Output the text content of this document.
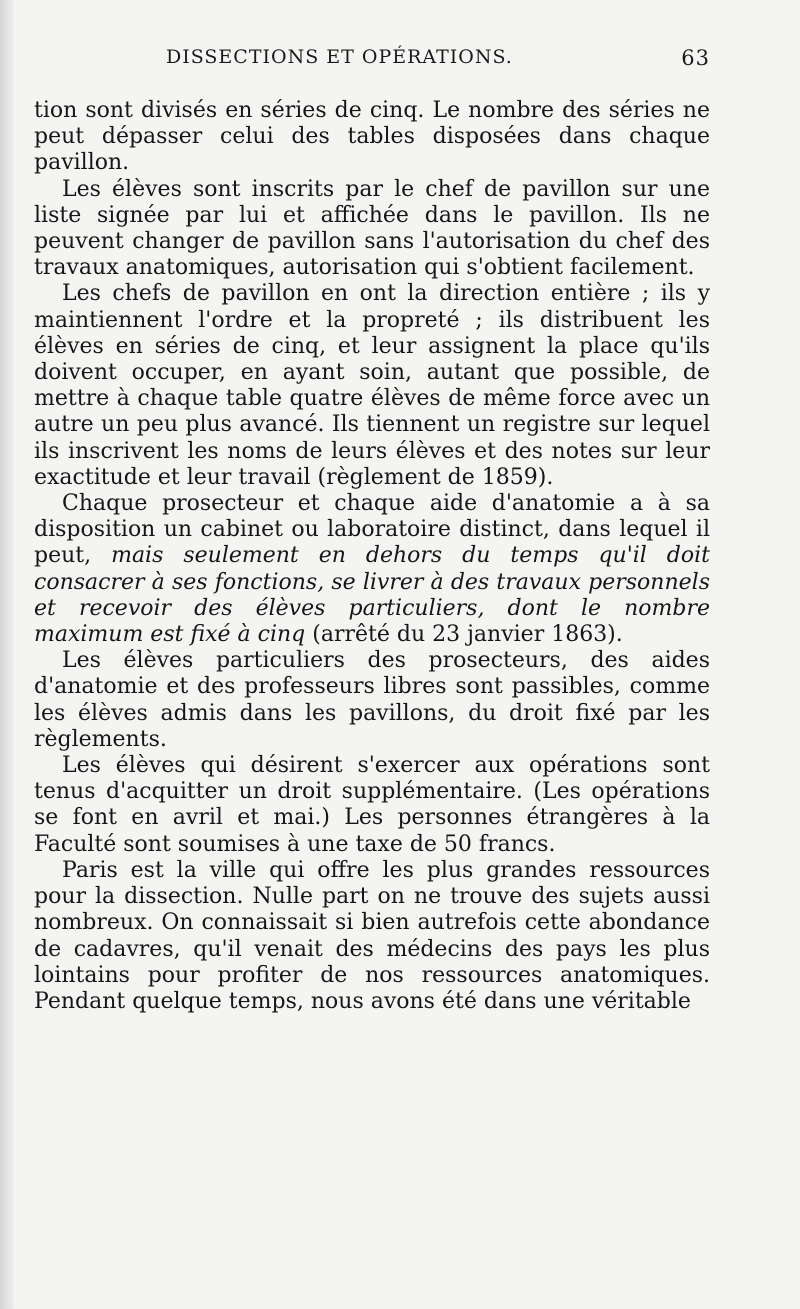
DISSECTIONS ET OPÉRATIONS.	63

tion sont divisés en séries de cinq. Le nombre des séries ne peut dépasser celui des tables disposées dans chaque pavillon.

Les élèves sont inscrits par le chef de pavillon sur une liste signée par lui et affichée dans le pavillon. Ils ne peuvent changer de pavillon sans l'autorisation du chef des travaux anatomiques, autorisation qui s'obtient facilement.

Les chefs de pavillon en ont la direction entière ; ils y maintiennent l'ordre et la propreté ; ils distribuent les élèves en séries de cinq, et leur assignent la place qu'ils doivent occuper, en ayant soin, autant que possible, de mettre à chaque table quatre élèves de même force avec un autre un peu plus avancé. Ils tiennent un registre sur lequel ils inscrivent les noms de leurs élèves et des notes sur leur exactitude et leur travail (règlement de 1859).

Chaque prosecteur et chaque aide d'anatomie a à sa disposition un cabinet ou laboratoire distinct, dans lequel il peut, mais seulement en dehors du temps qu'il doit consacrer à ses fonctions, se livrer à des travaux personnels et recevoir des élèves particuliers, dont le nombre maximum est fixé à cinq (arrêté du 23 janvier 1863).

Les élèves particuliers des prosecteurs, des aides d'anatomie et des professeurs libres sont passibles, comme les élèves admis dans les pavillons, du droit fixé par les règlements.

Les élèves qui désirent s'exercer aux opérations sont tenus d'acquitter un droit supplémentaire. (Les opérations se font en avril et mai.) Les personnes étrangères à la Faculté sont soumises à une taxe de 50 francs.

Paris est la ville qui offre les plus grandes ressources pour la dissection. Nulle part on ne trouve des sujets aussi nombreux. On connaissait si bien autrefois cette abondance de cadavres, qu'il venait des médecins des pays les plus lointains pour profiter de nos ressources anatomiques. Pendant quelque temps, nous avons été dans une véritable
